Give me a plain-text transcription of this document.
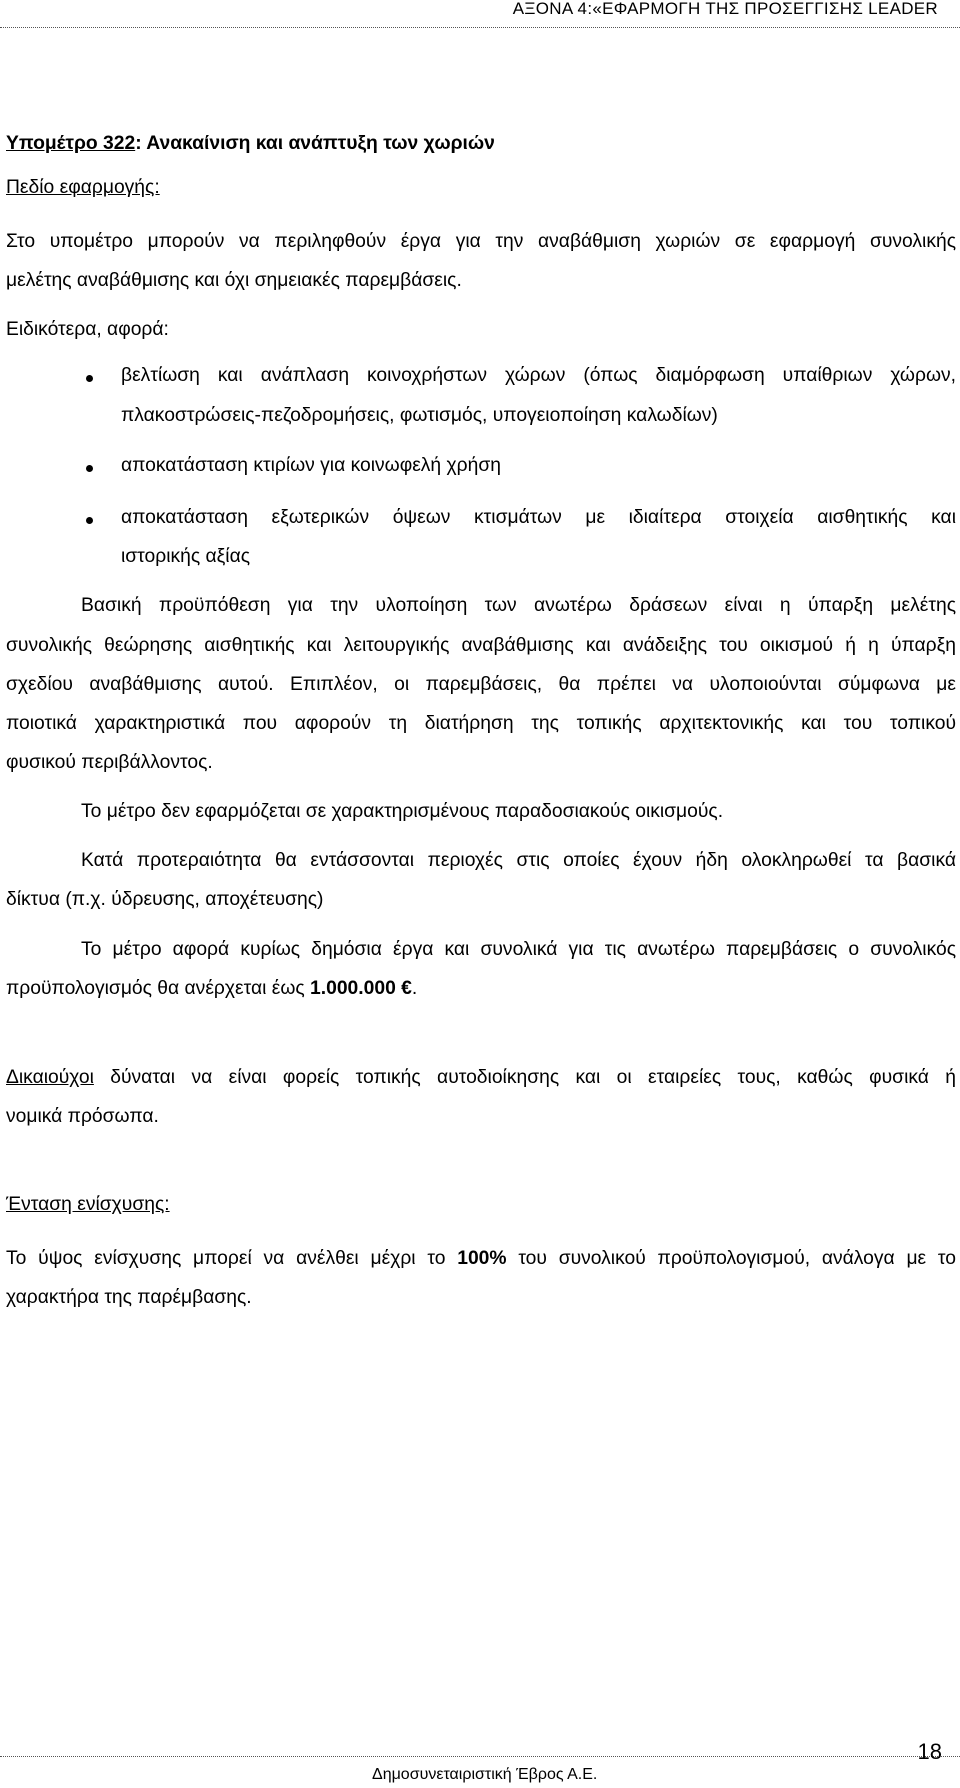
ΑΞΟΝΑ 4:«ΕΦΑΡΜΟΓΗ ΤΗΣ ΠΡΟΣΕΓΓΙΣΗΣ LEADER
Υπομέτρο 322: Ανακαίνιση και ανάπτυξη των χωριών
Πεδίο εφαρμογής:
Στο υπομέτρο μπορούν να περιληφθούν έργα για την αναβάθμιση χωριών σε εφαρμογή συνολικής
μελέτης αναβάθμισης και όχι σημειακές παρεμβάσεις.
Ειδικότερα, αφορά:
βελτίωση και ανάπλαση κοινοχρήστων χώρων (όπως διαμόρφωση υπαίθριων χώρων,
πλακοστρώσεις-πεζοδρομήσεις, φωτισμός, υπογειοποίηση καλωδίων)
αποκατάσταση κτιρίων για κοινωφελή χρήση
αποκατάσταση εξωτερικών όψεων κτισμάτων με ιδιαίτερα στοιχεία αισθητικής και
ιστορικής αξίας
Βασική προϋπόθεση για την υλοποίηση των ανωτέρω δράσεων είναι η ύπαρξη μελέτης
συνολικής θεώρησης αισθητικής και λειτουργικής αναβάθμισης και ανάδειξης του οικισμού ή η ύπαρξη
σχεδίου αναβάθμισης αυτού. Επιπλέον, οι παρεμβάσεις, θα πρέπει να υλοποιούνται σύμφωνα με
ποιοτικά χαρακτηριστικά που αφορούν τη διατήρηση της τοπικής αρχιτεκτονικής και του τοπικού
φυσικού περιβάλλοντος.
Το μέτρο δεν εφαρμόζεται σε χαρακτηρισμένους παραδοσιακούς οικισμούς.
Κατά προτεραιότητα θα εντάσσονται περιοχές στις οποίες έχουν ήδη ολοκληρωθεί τα βασικά
δίκτυα (π.χ. ύδρευσης, αποχέτευσης)
Το μέτρο αφορά κυρίως δημόσια έργα και συνολικά για τις ανωτέρω παρεμβάσεις ο συνολικός
προϋπολογισμός θα ανέρχεται έως 1.000.000 €.
Δικαιούχοι δύναται να είναι φορείς τοπικής αυτοδιοίκησης και οι εταιρείες τους, καθώς φυσικά ή
νομικά πρόσωπα.
Ένταση ενίσχυσης:
Το ύψος ενίσχυσης μπορεί να ανέλθει μέχρι το 100% του συνολικού προϋπολογισμού, ανάλογα με το
χαρακτήρα της παρέμβασης.
Δημοσυνεταιριστική Έβρος Α.Ε.
18
